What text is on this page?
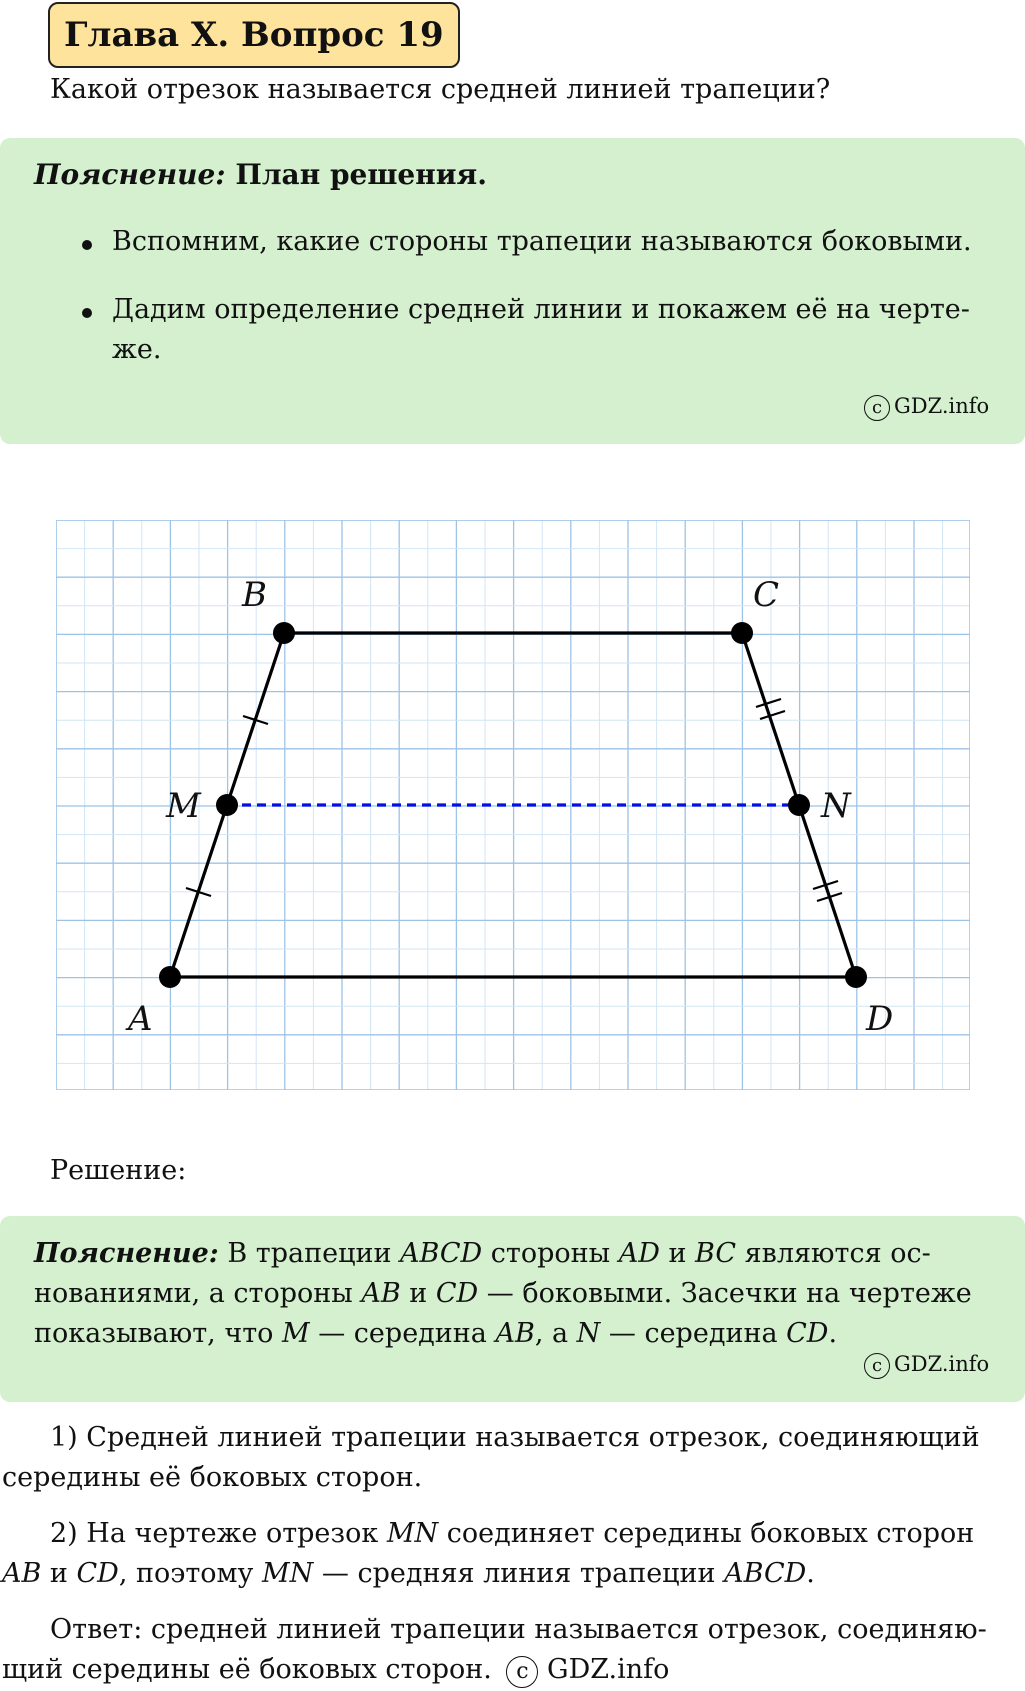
Глава X. Вопрос 19
Какой отрезок называется средней линией трапеции?
Пояснение: План решения.
Вспомним, какие стороны трапеции называются боковыми.
Дадим определение средней линии и покажем её на черте-
же.
c GDZ.info
A
B	C
D
M	N
Решение:
Пояснение: В трапеции ABCD стороны AD и BC являются ос-
нованиями, а стороны AB и CD — боковыми. Засечки на чертеже
показывают, что M — середина AB, а N — середина CD.
c GDZ.info
1) Средней линией трапеции называется отрезок, соединяющий
середины её боковых сторон.
2) На чертеже отрезок MN соединяет середины боковых сторон
AB и CD, поэтому MN — средняя линия трапеции ABCD.
Ответ: средней линией трапеции называется отрезок, соединяю-
щий середины её боковых сторон. c GDZ.info
